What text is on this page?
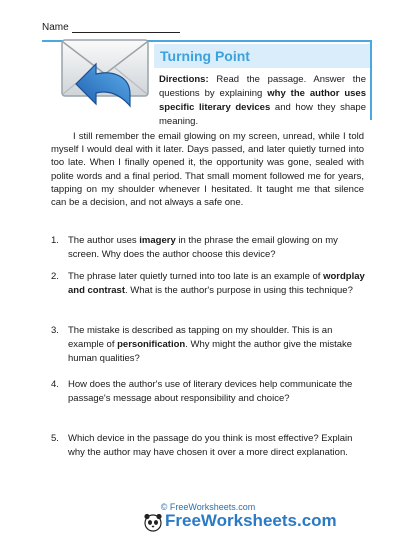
Name
Turning Point
Directions: Read the passage. Answer the questions by explaining why the author uses specific literary devices and how they shape meaning.
I still remember the email glowing on my screen, unread, while I told myself I would deal with it later. Days passed, and later quietly turned into too late. When I finally opened it, the opportunity was gone, sealed with polite words and a final period. That small moment followed me for years, tapping on my shoulder whenever I hesitated. It taught me that silence can be a decision, and not always a safe one.
1. The author uses imagery in the phrase the email glowing on my screen. Why does the author choose this device?
2. The phrase later quietly turned into too late is an example of wordplay and contrast. What is the author's purpose in using this technique?
3. The mistake is described as tapping on my shoulder. This is an example of personification. Why might the author give the mistake human qualities?
4. How does the author's use of literary devices help communicate the passage's message about responsibility and choice?
5. Which device in the passage do you think is most effective? Explain why the author may have chosen it over a more direct explanation.
© FreeWorksheets.com
FreeWorksheets.com
